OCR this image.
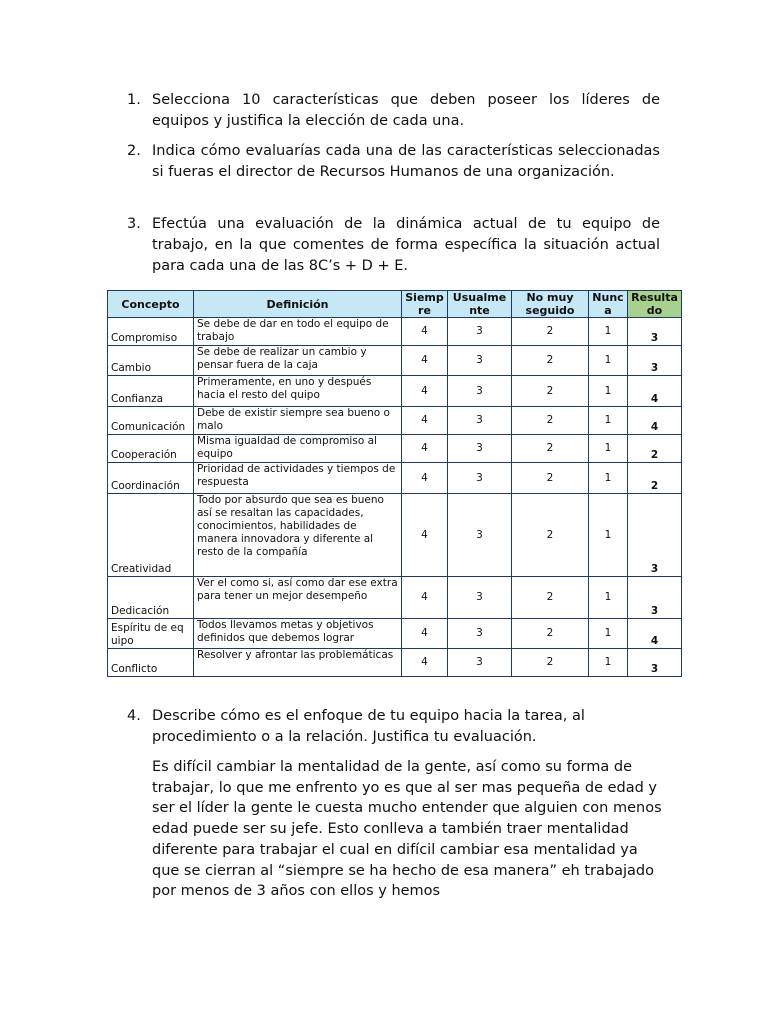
1. Selecciona 10 características que deben poseer los líderes de equipos y justifica la elección de cada una.
2. Indica cómo evaluarías cada una de las características seleccionadas si fueras el director de Recursos Humanos de una organización.
3. Efectúa una evaluación de la dinámica actual de tu equipo de trabajo, en la que comentes de forma específica la situación actual para cada una de las 8C’s + D + E.
Concepto	Definición	Siempre	Usualmente	No muy seguido	Nunca	Resultado
Compromiso	Se debe de dar en todo el equipo de trabajo	4	3	2	1	3
Cambio	Se debe de realizar un cambio y pensar fuera de la caja	4	3	2	1	3
Confianza	Primeramente, en uno y después hacia el resto del quipo	4	3	2	1	4
Comunicación	Debe de existir siempre sea bueno o malo	4	3	2	1	4
Cooperación	Misma igualdad de compromiso al equipo	4	3	2	1	2
Coordinación	Prioridad de actividades y tiempos de respuesta	4	3	2	1	2
Creatividad	Todo por absurdo que sea es bueno así se resaltan las capacidades, conocimientos, habilidades de manera innovadora y diferente al resto de la compañía	4	3	2	1	3
Dedicación	Ver el como si, así como dar ese extra para tener un mejor desempeño	4	3	2	1	3
Espíritu de equipo	Todos llevamos metas y objetivos definidos que debemos lograr	4	3	2	1	4
Conflicto	Resolver y afrontar las problemáticas	4	3	2	1	3
4. Describe cómo es el enfoque de tu equipo hacia la tarea, al procedimiento o a la relación. Justifica tu evaluación.
Es difícil cambiar la mentalidad de la gente, así como su forma de trabajar, lo que me enfrento yo es que al ser mas pequeña de edad y ser el líder la gente le cuesta mucho entender que alguien con menos edad puede ser su jefe. Esto conlleva a también traer mentalidad diferente para trabajar el cual en difícil cambiar esa mentalidad ya que se cierran al “siempre se ha hecho de esa manera” eh trabajado por menos de 3 años con ellos y hemos
